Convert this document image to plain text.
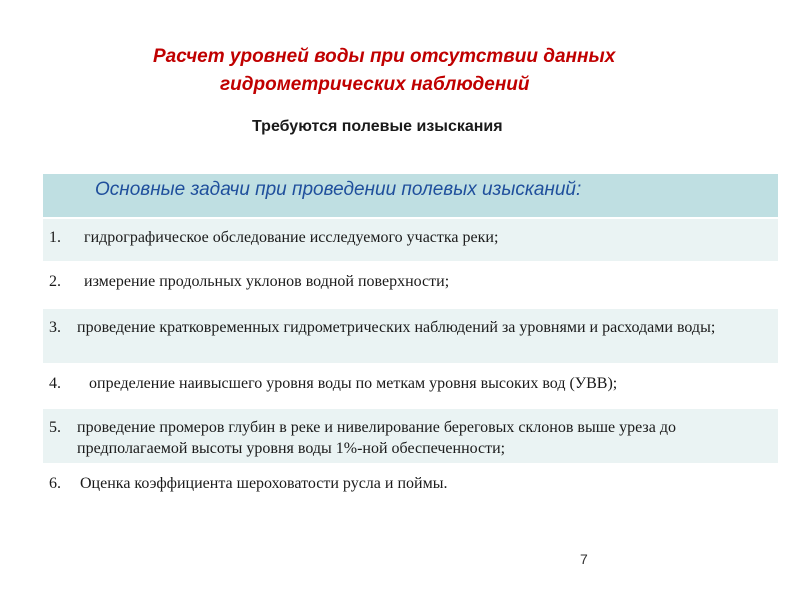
Расчет уровней воды при отсутствии данных
гидрометрических наблюдений
Требуются полевые изыскания
Основные задачи при проведении полевых изысканий:
1. гидрографическое обследование исследуемого участка реки;
2. измерение продольных уклонов водной поверхности;
3. проведение кратковременных гидрометрических наблюдений за уровнями и расходами воды;
4. определение наивысшего уровня воды по меткам уровня высоких вод (УВВ);
5. проведение промеров глубин в реке и нивелирование береговых склонов выше уреза до предполагаемой высоты уровня воды 1%-ной обеспеченности;
6. Оценка коэффициента шероховатости русла и поймы.
7
